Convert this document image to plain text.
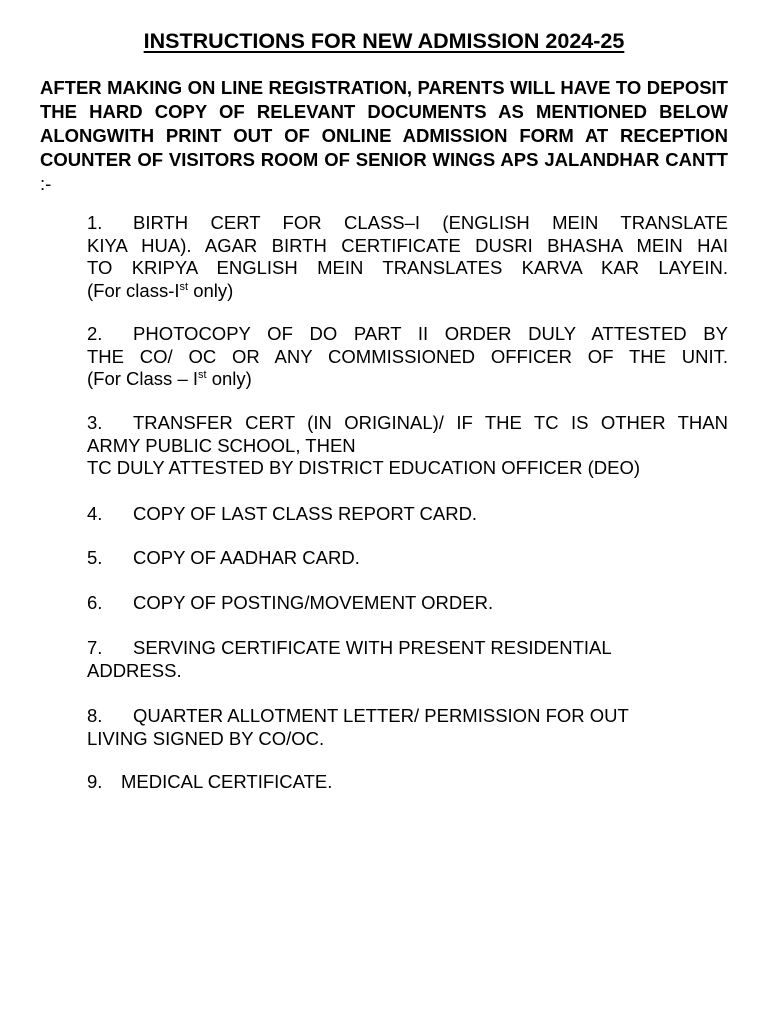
INSTRUCTIONS FOR NEW ADMISSION 2024-25
AFTER MAKING ON LINE REGISTRATION, PARENTS WILL HAVE TO DEPOSIT THE HARD COPY OF RELEVANT DOCUMENTS AS MENTIONED BELOW ALONGWITH PRINT OUT OF ONLINE ADMISSION FORM AT RECEPTION COUNTER OF VISITORS ROOM OF SENIOR WINGS APS JALANDHAR CANTT :-
1. BIRTH CERT FOR CLASS–I (ENGLISH MEIN TRANSLATE
KIYA HUA). AGAR BIRTH CERTIFICATE DUSRI BHASHA MEIN HAI
TO KRIPYA ENGLISH MEIN TRANSLATES KARVA KAR LAYEIN.
(For class-Ist only)
2. PHOTOCOPY OF DO PART II ORDER DULY ATTESTED BY
THE CO/ OC OR ANY COMMISSIONED OFFICER OF THE UNIT.
(For Class – Ist only)
3. TRANSFER CERT (IN ORIGINAL)/ IF THE TC IS OTHER THAN
ARMY PUBLIC SCHOOL, THEN
TC DULY ATTESTED BY DISTRICT EDUCATION OFFICER (DEO)
4. COPY OF LAST CLASS REPORT CARD.
5. COPY OF AADHAR CARD.
6. COPY OF POSTING/MOVEMENT ORDER.
7. SERVING CERTIFICATE WITH PRESENT RESIDENTIAL
ADDRESS.
8. QUARTER ALLOTMENT LETTER/ PERMISSION FOR OUT
LIVING SIGNED BY CO/OC.
9. MEDICAL CERTIFICATE.
